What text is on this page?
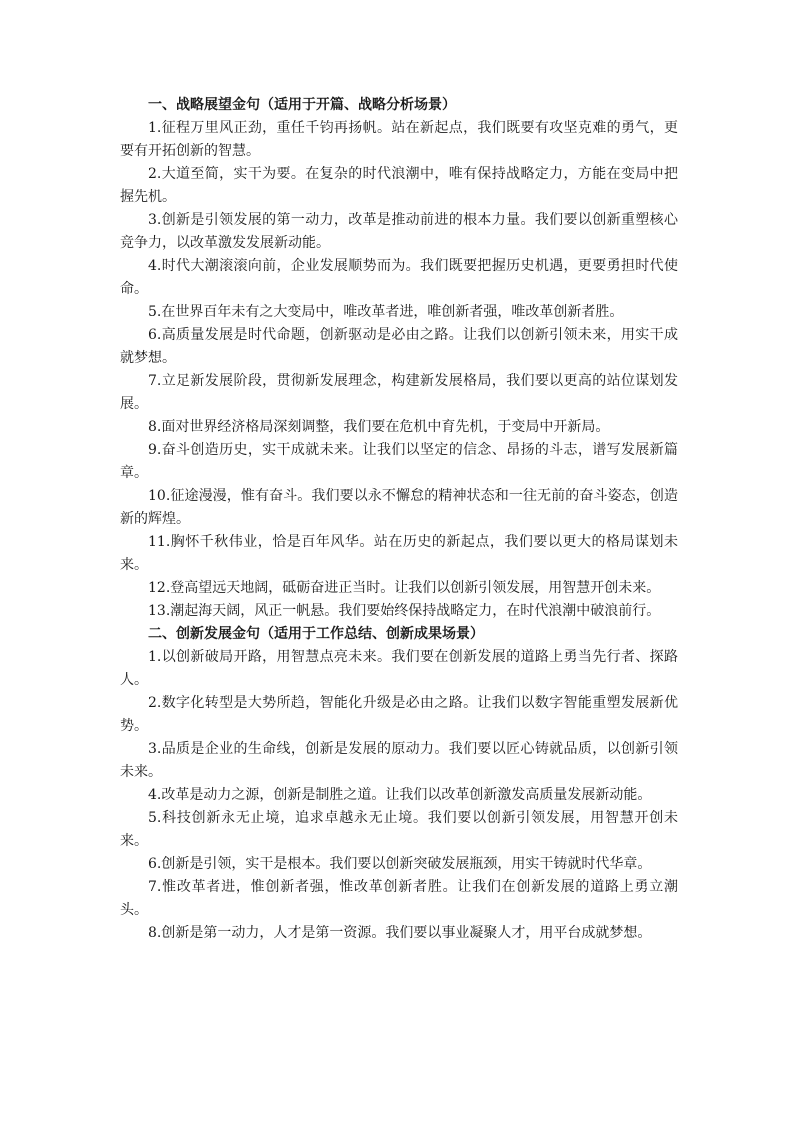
一、战略展望金句（适用于开篇、战略分析场景）

1.征程万里风正劲，重任千钧再扬帆。站在新起点，我们既要有攻坚克难的勇气，更要有开拓创新的智慧。

2.大道至简，实干为要。在复杂的时代浪潮中，唯有保持战略定力，方能在变局中把握先机。

3.创新是引领发展的第一动力，改革是推动前进的根本力量。我们要以创新重塑核心竞争力，以改革激发发展新动能。

4.时代大潮滚滚向前，企业发展顺势而为。我们既要把握历史机遇，更要勇担时代使命。

5.在世界百年未有之大变局中，唯改革者进，唯创新者强，唯改革创新者胜。

6.高质量发展是时代命题，创新驱动是必由之路。让我们以创新引领未来，用实干成就梦想。

7.立足新发展阶段，贯彻新发展理念，构建新发展格局，我们要以更高的站位谋划发展。

8.面对世界经济格局深刻调整，我们要在危机中育先机，于变局中开新局。

9.奋斗创造历史，实干成就未来。让我们以坚定的信念、昂扬的斗志，谱写发展新篇章。

10.征途漫漫，惟有奋斗。我们要以永不懈怠的精神状态和一往无前的奋斗姿态，创造新的辉煌。

11.胸怀千秋伟业，恰是百年风华。站在历史的新起点，我们要以更大的格局谋划未来。

12.登高望远天地阔，砥砺奋进正当时。让我们以创新引领发展，用智慧开创未来。

13.潮起海天阔，风正一帆悬。我们要始终保持战略定力，在时代浪潮中破浪前行。

二、创新发展金句（适用于工作总结、创新成果场景）

1.以创新破局开路，用智慧点亮未来。我们要在创新发展的道路上勇当先行者、探路人。

2.数字化转型是大势所趋，智能化升级是必由之路。让我们以数字智能重塑发展新优势。

3.品质是企业的生命线，创新是发展的原动力。我们要以匠心铸就品质，以创新引领未来。

4.改革是动力之源，创新是制胜之道。让我们以改革创新激发高质量发展新动能。

5.科技创新永无止境，追求卓越永无止境。我们要以创新引领发展，用智慧开创未来。

6.创新是引领，实干是根本。我们要以创新突破发展瓶颈，用实干铸就时代华章。

7.惟改革者进，惟创新者强，惟改革创新者胜。让我们在创新发展的道路上勇立潮头。

8.创新是第一动力，人才是第一资源。我们要以事业凝聚人才，用平台成就梦想。
